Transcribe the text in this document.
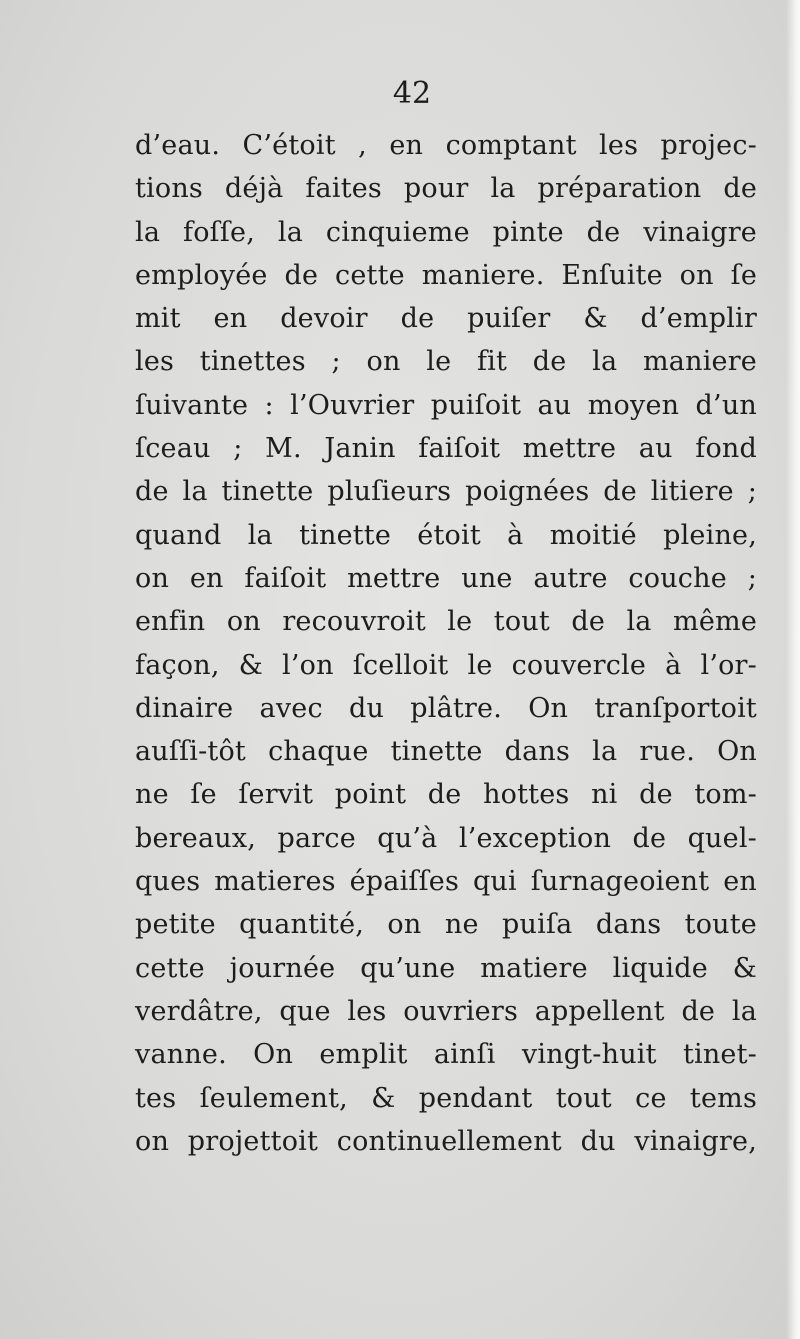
42
d’eau. C’étoit , en comptant les projec-
tions déjà faites pour la préparation de
la foſſe, la cinquieme pinte de vinaigre
employée de cette maniere. Enſuite on ſe
mit en devoir de puiſer & d’emplir
les tinettes ; on le fit de la maniere
ſuivante : l’Ouvrier puiſoit au moyen d’un
ſceau ; M. Janin faiſoit mettre au fond
de la tinette pluſieurs poignées de litiere ;
quand la tinette étoit à moitié pleine,
on en faiſoit mettre une autre couche ;
enfin on recouvroit le tout de la même
façon, & l’on ſcelloit le couvercle à l’or-
dinaire avec du plâtre. On tranſportoit
auſſi-tôt chaque tinette dans la rue. On
ne ſe ſervit point de hottes ni de tom-
bereaux, parce qu’à l’exception de quel-
ques matieres épaiſſes qui ſurnageoient en
petite quantité, on ne puiſa dans toute
cette journée qu’une matiere liquide &
verdâtre, que les ouvriers appellent de la
vanne. On emplit ainſi vingt-huit tinet-
tes ſeulement, & pendant tout ce tems
on projettoit continuellement du vinaigre,
